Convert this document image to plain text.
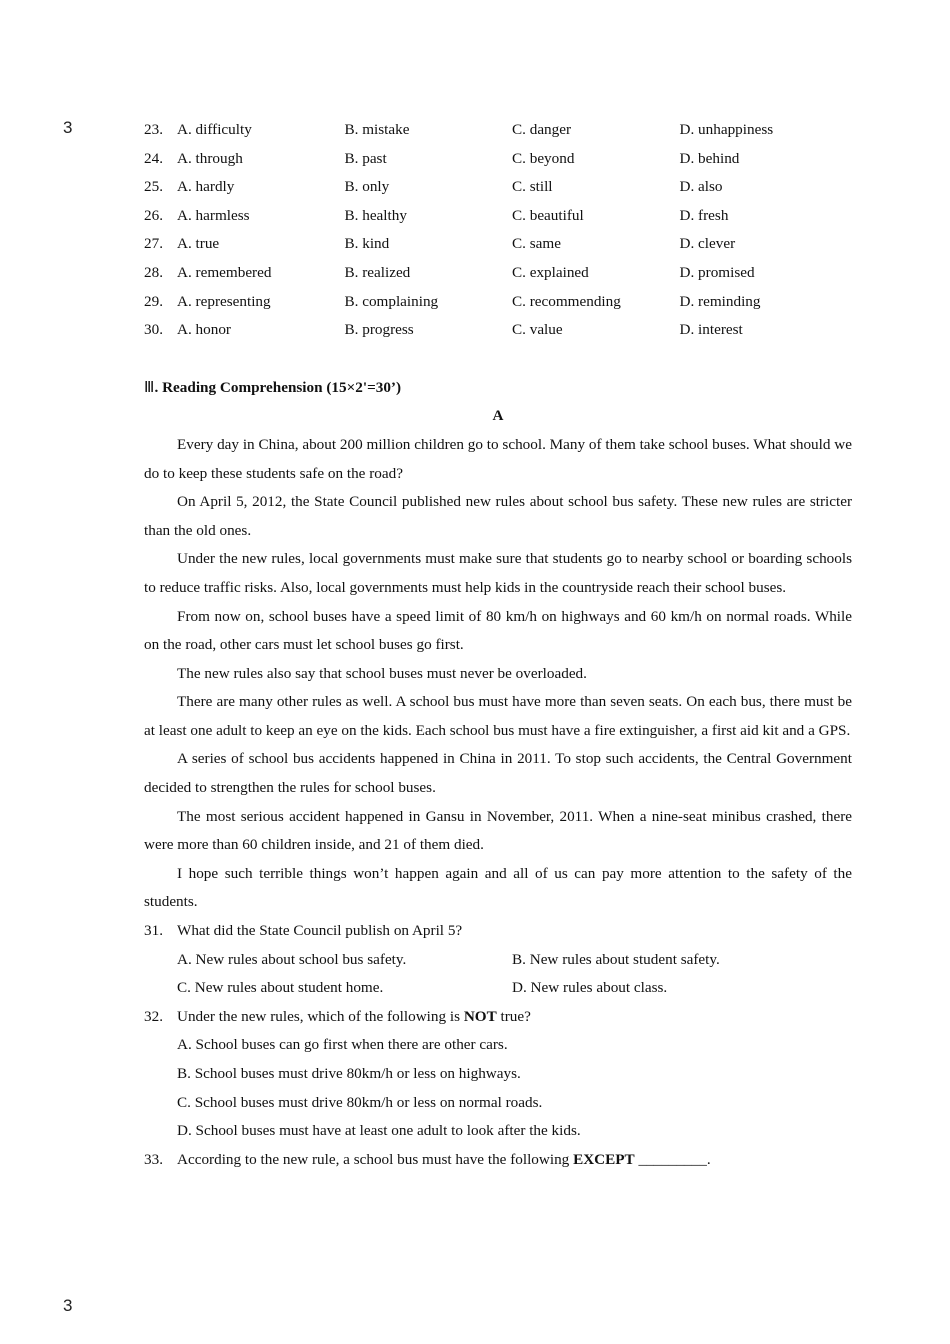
3	23. A. difficulty	B. mistake	C. danger	D. unhappiness
24. A. through	B. past	C. beyond	D. behind
25. A. hardly	B. only	C. still	D. also
26. A. harmless	B. healthy	C. beautiful	D. fresh
27. A. true	B. kind	C. same	D. clever
28. A. remembered	B. realized	C. explained	D. promised
29. A. representing	B. complaining	C. recommending	D. reminding
30. A. honor	B. progress	C. value	D. interest
Ⅲ. Reading Comprehension (15×2'=30’)
A

Every day in China, about 200 million children go to school. Many of them take school buses. What should we do to keep these students safe on the road?

On April 5, 2012, the State Council published new rules about school bus safety. These new rules are stricter than the old ones.

Under the new rules, local governments must make sure that students go to nearby school or boarding schools to reduce traffic risks. Also, local governments must help kids in the countryside reach their school buses.

From now on, school buses have a speed limit of 80 km/h on highways and 60 km/h on normal roads. While on the road, other cars must let school buses go first.

The new rules also say that school buses must never be overloaded.

There are many other rules as well. A school bus must have more than seven seats. On each bus, there must be at least one adult to keep an eye on the kids. Each school bus must have a fire extinguisher, a first aid kit and a GPS.

A series of school bus accidents happened in China in 2011. To stop such accidents, the Central Government decided to strengthen the rules for school buses.

The most serious accident happened in Gansu in November, 2011. When a nine-seat minibus crashed, there were more than 60 children inside, and 21 of them died.

I hope such terrible things won’t happen again and all of us can pay more attention to the safety of the students.

31. What did the State Council publish on April 5?
A. New rules about school bus safety.	B. New rules about student safety.
C. New rules about student home.	D. New rules about class.
32. Under the new rules, which of the following is NOT true?
A. School buses can go first when there are other cars.
B. School buses must drive 80km/h or less on highways.
C. School buses must drive 80km/h or less on normal roads.
D. School buses must have at least one adult to look after the kids.
33. According to the new rule, a school bus must have the following EXCEPT _________.
3
